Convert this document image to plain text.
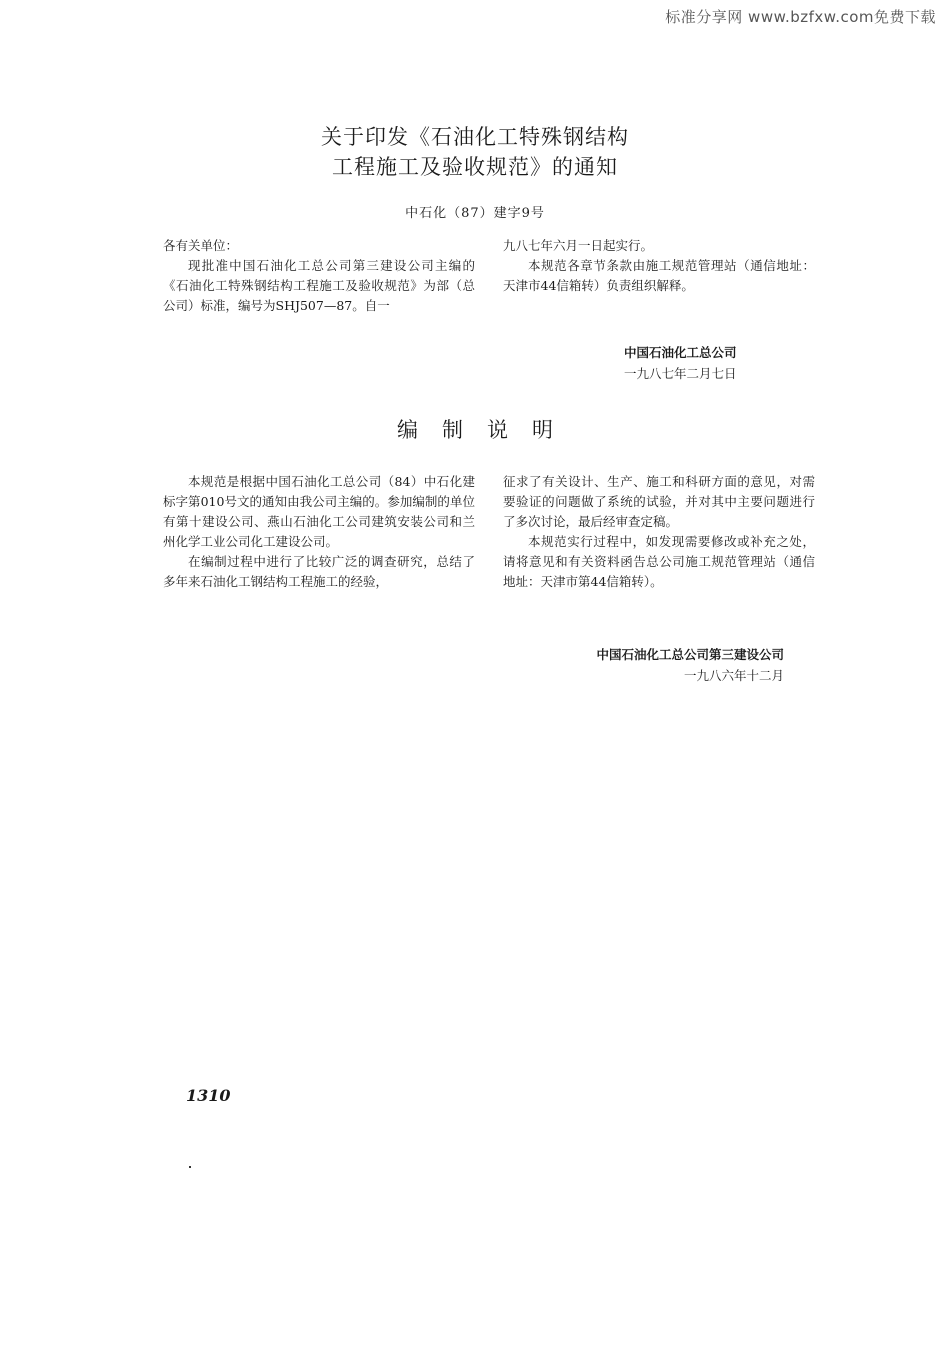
标准分享网 www.bzfxw.com免费下载
关于印发《石油化工特殊钢结构
工程施工及验收规范》的通知
中石化（87）建字9号

各有关单位：

现批准中国石油化工总公司第三建设公司主编的《石油化工特殊钢结构工程施工及验收规范》为部（总公司）标准，编号为SHJ507—87。自一

九八七年六月一日起实行。

本规范各章节条款由施工规范管理站（通信地址：天津市44信箱转）负责组织解释。

中国石油化工总公司
一九八七年二月七日
编制说明

本规范是根据中国石油化工总公司（84）中石化建标字第010号文的通知由我公司主编的。参加编制的单位有第十建设公司、燕山石油化工公司建筑安装公司和兰州化学工业公司化工建设公司。

在编制过程中进行了比较广泛的调查研究，总结了多年来石油化工钢结构工程施工的经验，

征求了有关设计、生产、施工和科研方面的意见，对需要验证的问题做了系统的试验，并对其中主要问题进行了多次讨论，最后经审查定稿。

本规范实行过程中，如发现需要修改或补充之处，请将意见和有关资料函告总公司施工规范管理站（通信地址：天津市第44信箱转）。

中国石油化工总公司第三建设公司
一九八六年十二月
1310
